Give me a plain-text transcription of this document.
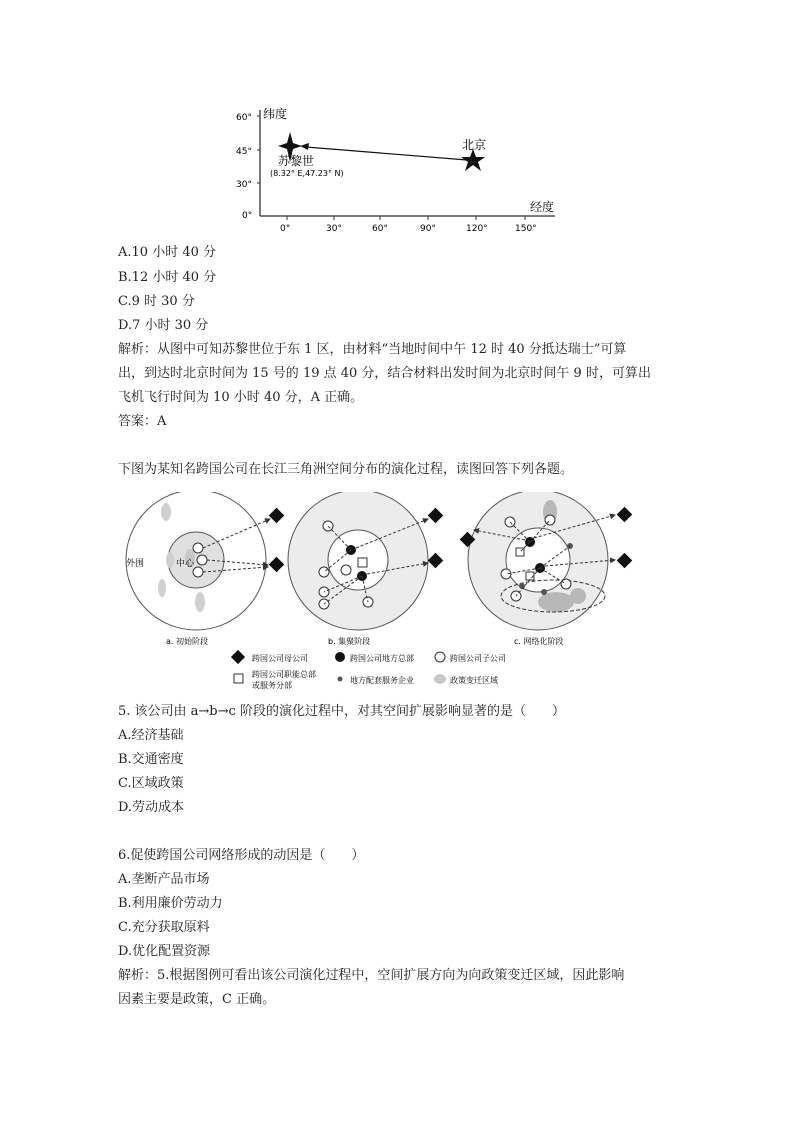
纬度
经度
60°
45°
30°
0°
0°	30°	60°	90°	120°	150°
苏黎世
(8.32° E,47.23° N)
北京
A.10 小时 40 分
B.12 小时 40 分
C.9 时 30 分
D.7 小时 30 分
解析：从图中可知苏黎世位于东 1 区，由材料“当地时间中午 12 时 40 分抵达瑞士”可算
出，到达时北京时间为 15 号的 19 点 40 分，结合材料出发时间为北京时间午 9 时，可算出
飞机飞行时间为 10 小时 40 分，A 正确。
答案：A
下图为某知名跨国公司在长江三角洲空间分布的演化过程，读图回答下列各题。
外围	中心
a. 初始阶段	b. 集聚阶段	c. 网络化阶段
跨国公司母公司	跨国公司地方总部	跨国公司子公司
跨国公司职能总部
或服务分部
地方配套服务企业	政策变迁区域
5. 该公司由 a→b→c 阶段的演化过程中，对其空间扩展影响显著的是（　　）
A.经济基础
B.交通密度
C.区域政策
D.劳动成本
6.促使跨国公司网络形成的动因是（　　）
A.垄断产品市场
B.利用廉价劳动力
C.充分获取原料
D.优化配置资源
解析：5.根据图例可看出该公司演化过程中，空间扩展方向为向政策变迁区域，因此影响
因素主要是政策，C 正确。
